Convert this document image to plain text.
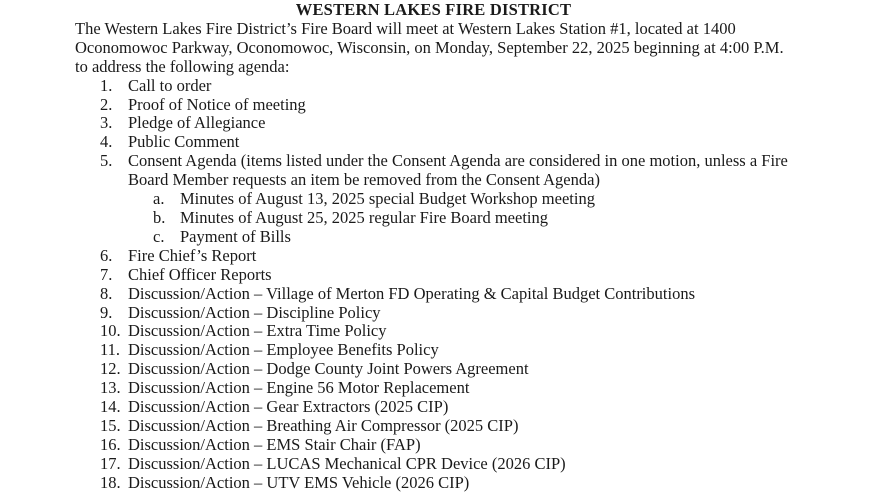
WESTERN LAKES FIRE DISTRICT

The Western Lakes Fire District’s Fire Board will meet at Western Lakes Station #1, located at 1400 Oconomowoc Parkway, Oconomowoc, Wisconsin, on Monday, September 22, 2025 beginning at 4:00 P.M. to address the following agenda:

1. Call to order
2. Proof of Notice of meeting
3. Pledge of Allegiance
4. Public Comment
5. Consent Agenda (items listed under the Consent Agenda are considered in one motion, unless a Fire Board Member requests an item be removed from the Consent Agenda)
a. Minutes of August 13, 2025 special Budget Workshop meeting
b. Minutes of August 25, 2025 regular Fire Board meeting
c. Payment of Bills
6. Fire Chief’s Report
7. Chief Officer Reports
8. Discussion/Action – Village of Merton FD Operating & Capital Budget Contributions
9. Discussion/Action – Discipline Policy
10. Discussion/Action – Extra Time Policy
11. Discussion/Action – Employee Benefits Policy
12. Discussion/Action – Dodge County Joint Powers Agreement
13. Discussion/Action – Engine 56 Motor Replacement
14. Discussion/Action – Gear Extractors (2025 CIP)
15. Discussion/Action – Breathing Air Compressor (2025 CIP)
16. Discussion/Action – EMS Stair Chair (FAP)
17. Discussion/Action – LUCAS Mechanical CPR Device (2026 CIP)
18. Discussion/Action – UTV EMS Vehicle (2026 CIP)
